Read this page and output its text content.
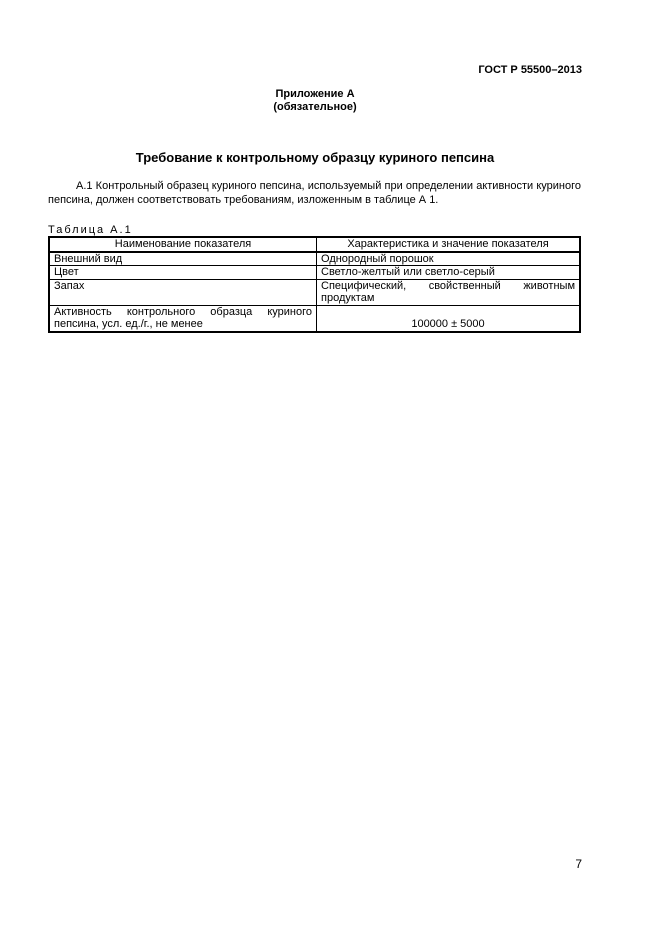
ГОСТ Р 55500–2013
Приложение А
(обязательное)
Требование к контрольному образцу куриного пепсина
А.1 Контрольный образец куриного пепсина, используемый при определении активности куриного пепсина, должен соответствовать требованиям, изложенным в таблице А 1.
Таблица А.1
Наименование показателя	Характеристика и значение показателя
Внешний вид	Однородный порошок
Цвет	Светло-желтый или светло-серый
Запах	Специфический, свойственный животным продуктам
Активность контрольного образца куриного пепсина, усл. ед./г., не менее	100000 ± 5000
7
